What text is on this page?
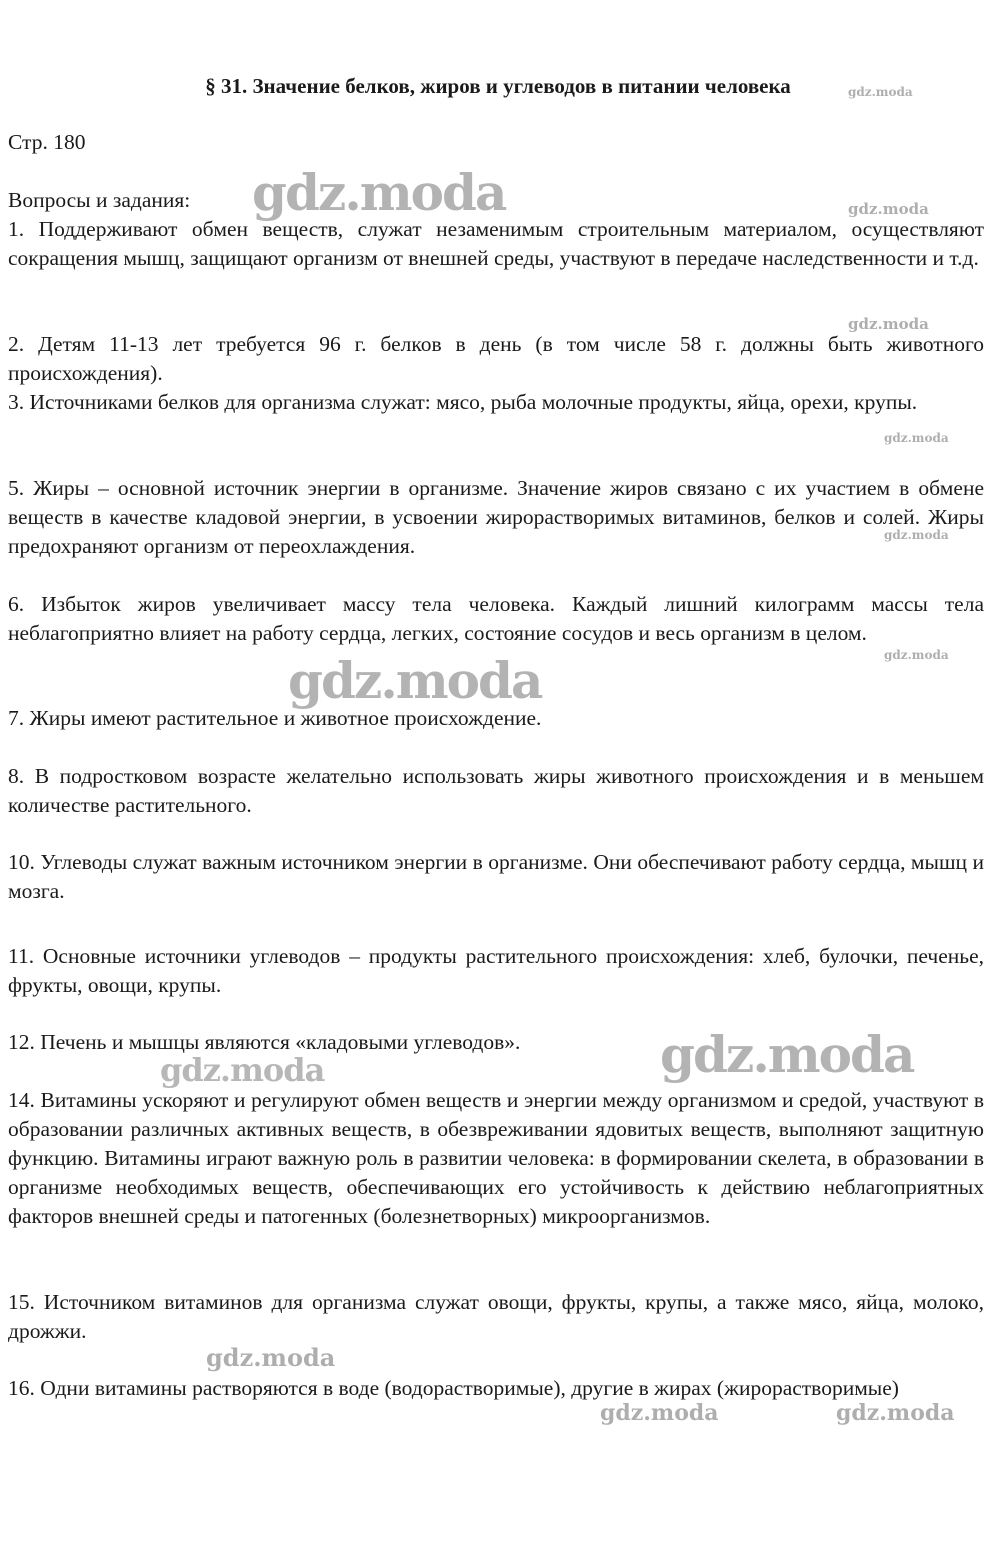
§ 31. Значение белков, жиров и углеводов в питании человека

Стр. 180

Вопросы и задания:

1. Поддерживают обмен веществ, служат незаменимым строительным материалом, осуществляют сокращения мышц, защищают организм от внешней среды, участвуют в передаче наследственности и т.д.

2. Детям 11-13 лет требуется 96 г. белков в день (в том числе 58 г. должны быть животного происхождения).

3. Источниками белков для организма служат: мясо, рыба молочные продукты, яйца, орехи, крупы.

5. Жиры – основной источник энергии в организме. Значение жиров связано с их участием в обмене веществ в качестве кладовой энергии, в усвоении жирорастворимых витаминов, белков и солей. Жиры предохраняют организм от переохлаждения.

6. Избыток жиров увеличивает массу тела человека. Каждый лишний килограмм массы тела неблагоприятно влияет на работу сердца, легких, состояние сосудов и весь организм в целом.

7. Жиры имеют растительное и животное происхождение.

8. В подростковом возрасте желательно использовать жиры животного происхождения и в меньшем количестве растительного.

10. Углеводы служат важным источником энергии в организме. Они обеспечивают работу сердца, мышц и мозга.

11. Основные источники углеводов – продукты растительного происхождения: хлеб, булочки, печенье, фрукты, овощи, крупы.

12. Печень и мышцы являются «кладовыми углеводов».

14. Витамины ускоряют и регулируют обмен веществ и энергии между организмом и средой, участвуют в образовании различных активных веществ, в обезвреживании ядовитых веществ, выполняют защитную функцию. Витамины играют важную роль в развитии человека: в формировании скелета, в образовании в организме необходимых веществ, обеспечивающих его устойчивость к действию неблагоприятных факторов внешней среды и патогенных (болезнетворных) микроорганизмов.

15. Источником витаминов для организма служат овощи, фрукты, крупы, а также мясо, яйца, молоко, дрожжи.

16. Одни витамины растворяются в воде (водорастворимые), другие в жирах (жирорастворимые)

gdz.moda
gdz.moda	gdz.moda
gdz.moda
gdz.moda
gdz.moda
gdz.moda
gdz.moda
gdz.moda
gdz.moda
gdz.moda
gdz.moda	gdz.moda
